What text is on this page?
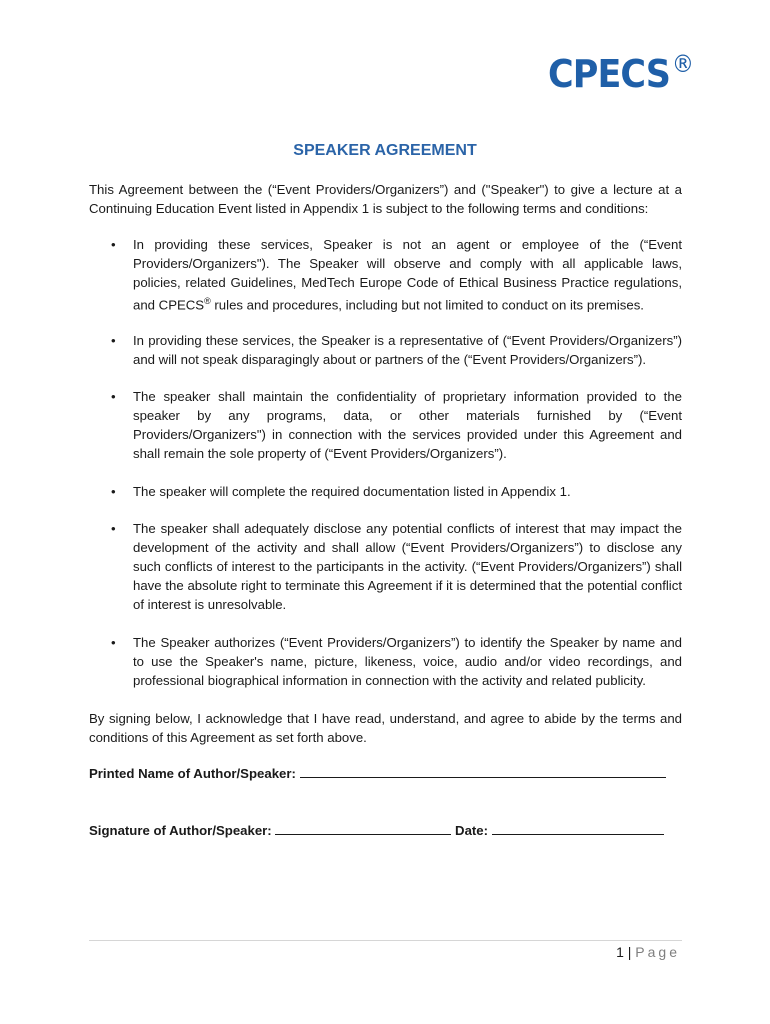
CPECS®
SPEAKER AGREEMENT
This Agreement between the (“Event Providers/Organizers”) and ("Speaker") to give a lecture at a Continuing Education Event listed in Appendix 1 is subject to the following terms and conditions:
• In providing these services, Speaker is not an agent or employee of the (“Event Providers/Organizers"). The Speaker will observe and comply with all applicable laws, policies, related Guidelines, MedTech Europe Code of Ethical Business Practice regulations, and CPECS® rules and procedures, including but not limited to conduct on its premises.
• In providing these services, the Speaker is a representative of (“Event Providers/Organizers”) and will not speak disparagingly about or partners of the (“Event Providers/Organizers”).
• The speaker shall maintain the confidentiality of proprietary information provided to the speaker by any programs, data, or other materials furnished by (“Event Providers/Organizers") in connection with the services provided under this Agreement and shall remain the sole property of (“Event Providers/Organizers”).
• The speaker will complete the required documentation listed in Appendix 1.
• The speaker shall adequately disclose any potential conflicts of interest that may impact the development of the activity and shall allow (“Event Providers/Organizers”) to disclose any such conflicts of interest to the participants in the activity. (“Event Providers/Organizers”) shall have the absolute right to terminate this Agreement if it is determined that the potential conflict of interest is unresolvable.
• The Speaker authorizes (“Event Providers/Organizers”) to identify the Speaker by name and to use the Speaker's name, picture, likeness, voice, audio and/or video recordings, and professional biographical information in connection with the activity and related publicity.
By signing below, I acknowledge that I have read, understand, and agree to abide by the terms and conditions of this Agreement as set forth above.
Printed Name of Author/Speaker:
Signature of Author/Speaker:	Date:
1 | Page
